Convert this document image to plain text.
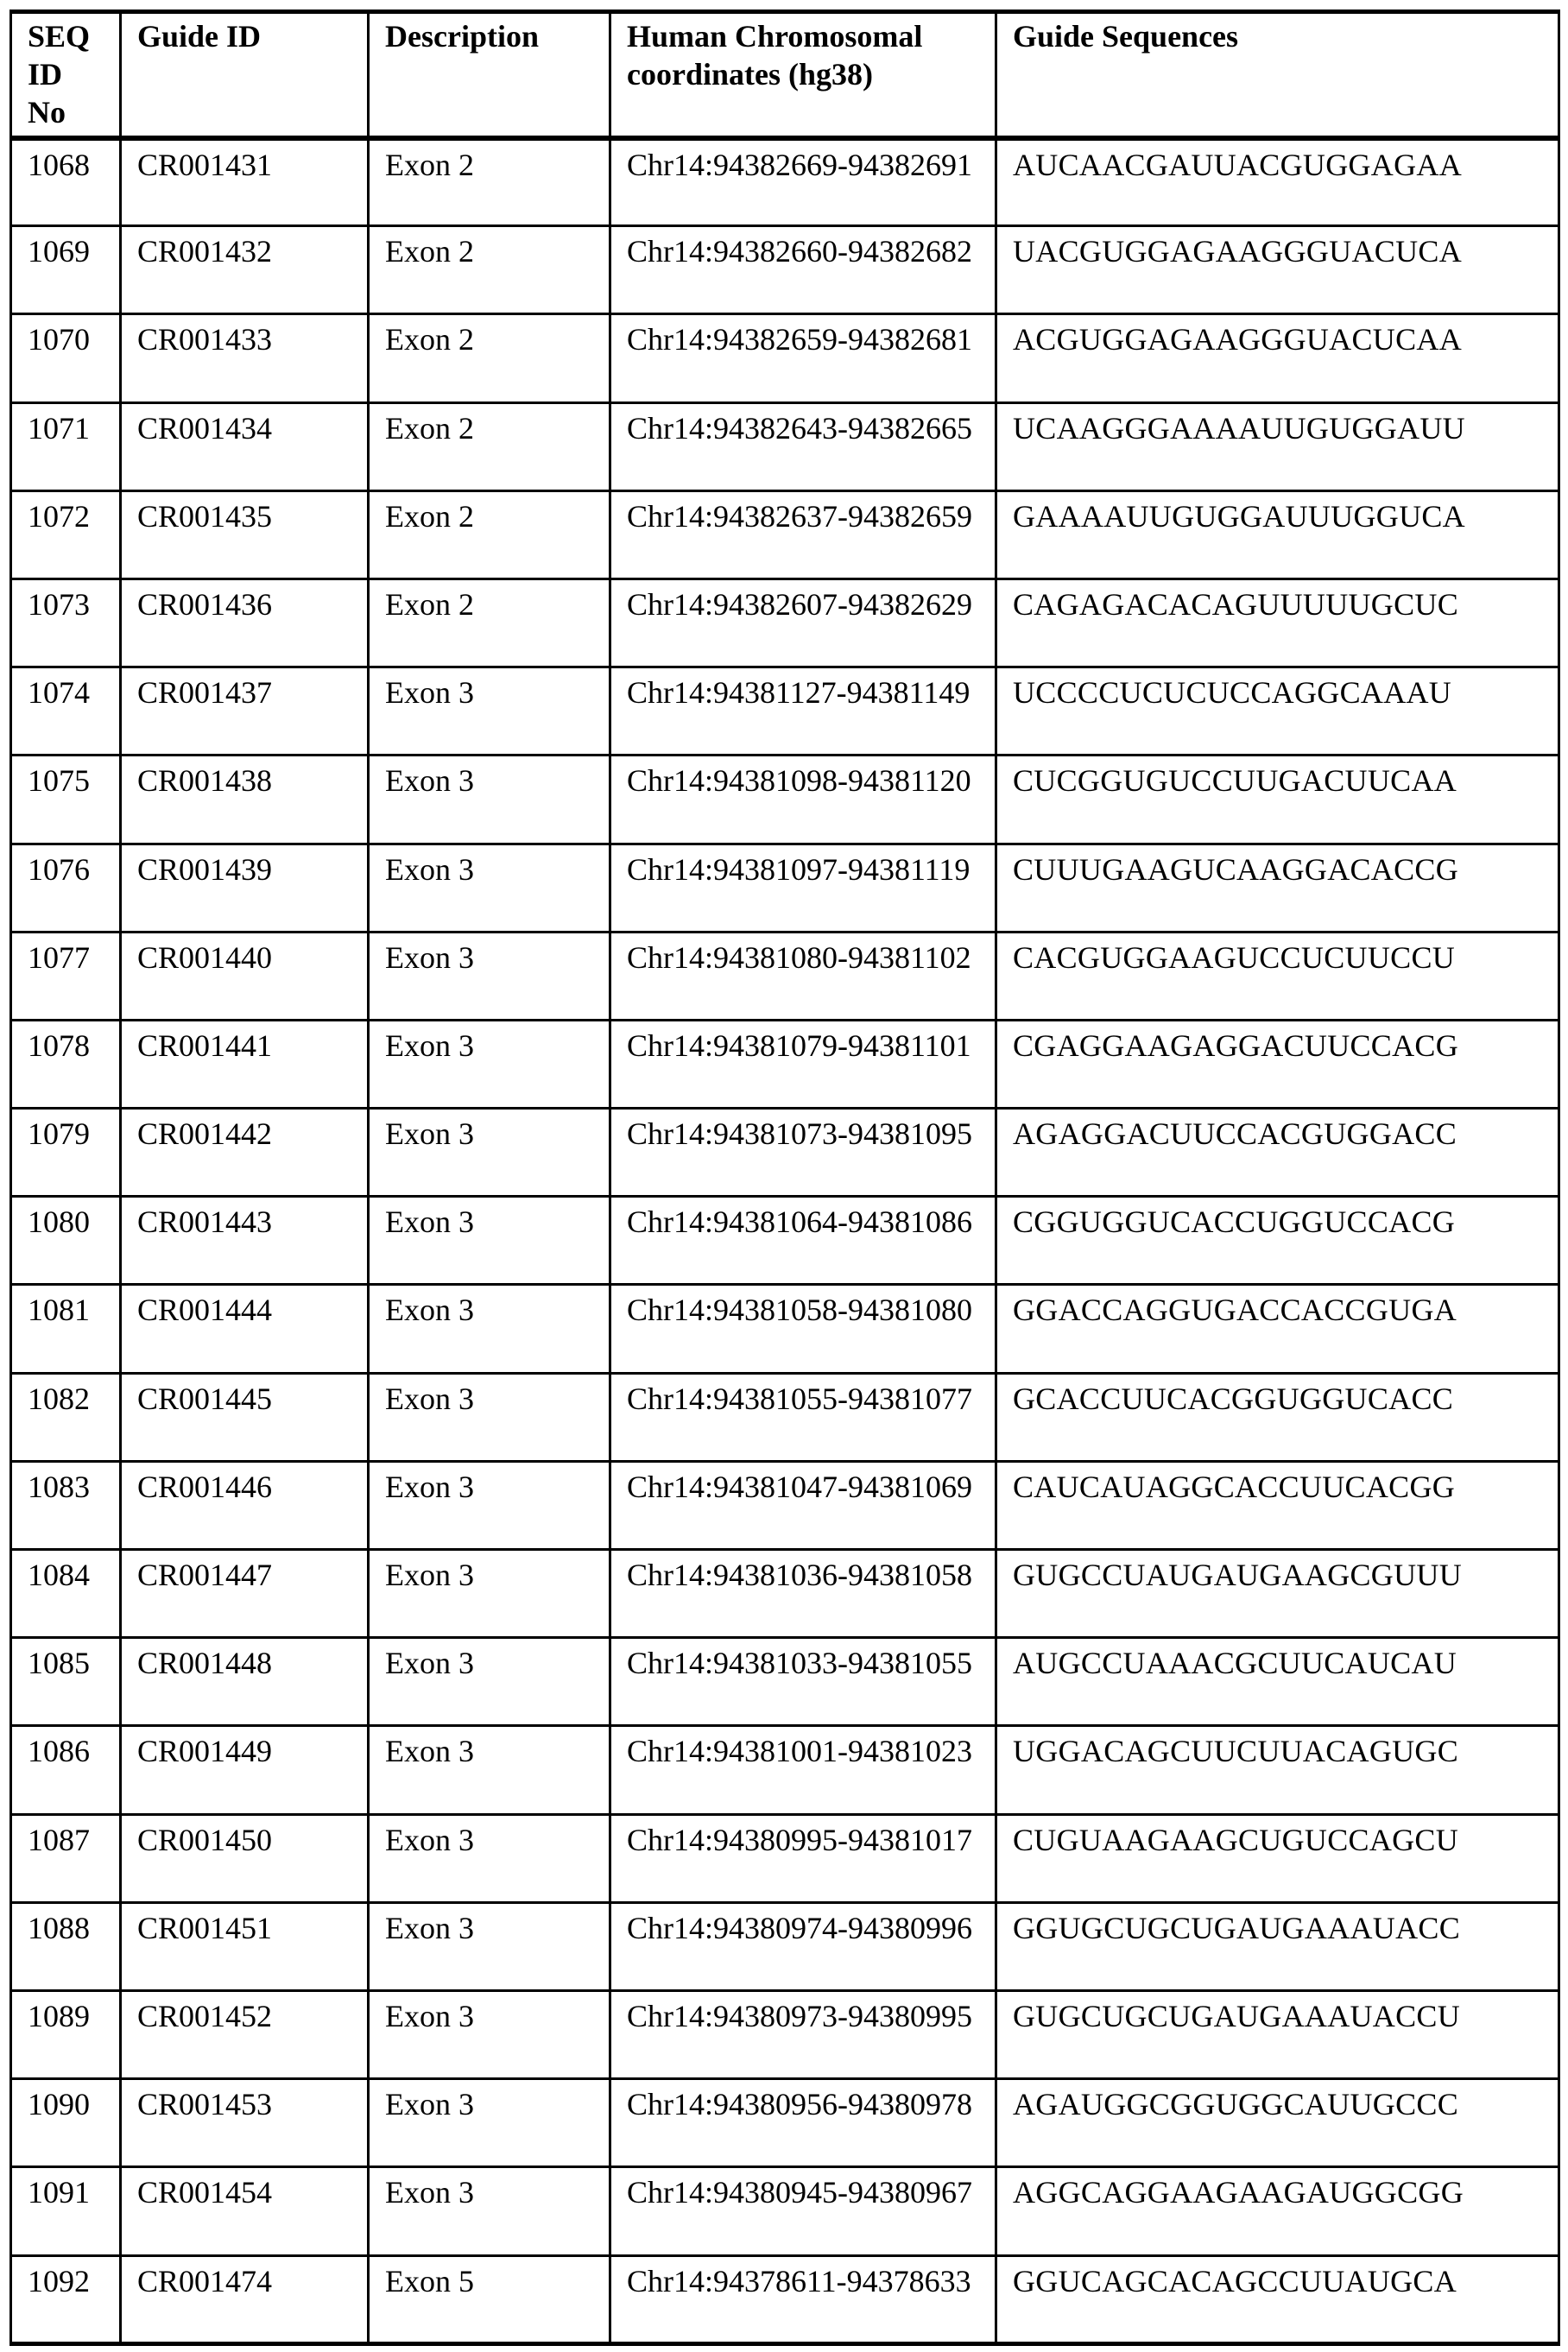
SEQ ID No	Guide ID	Description	Human Chromosomal coordinates (hg38)	Guide Sequences
1068	CR001431	Exon 2	Chr14:94382669-94382691	AUCAACGAUUACGUGGAGAA
1069	CR001432	Exon 2	Chr14:94382660-94382682	UACGUGGAGAAGGGUACUCA
1070	CR001433	Exon 2	Chr14:94382659-94382681	ACGUGGAGAAGGGUACUCAA
1071	CR001434	Exon 2	Chr14:94382643-94382665	UCAAGGGAAAAUUGUGGAUU
1072	CR001435	Exon 2	Chr14:94382637-94382659	GAAAAUUGUGGAUUUGGUCA
1073	CR001436	Exon 2	Chr14:94382607-94382629	CAGAGACACAGUUUUUGCUC
1074	CR001437	Exon 3	Chr14:94381127-94381149	UCCCCUCUCUCCAGGCAAAU
1075	CR001438	Exon 3	Chr14:94381098-94381120	CUCGGUGUCCUUGACUUCAA
1076	CR001439	Exon 3	Chr14:94381097-94381119	CUUUGAAGUCAAGGACACCG
1077	CR001440	Exon 3	Chr14:94381080-94381102	CACGUGGAAGUCCUCUUCCU
1078	CR001441	Exon 3	Chr14:94381079-94381101	CGAGGAAGAGGACUUCCACG
1079	CR001442	Exon 3	Chr14:94381073-94381095	AGAGGACUUCCACGUGGACC
1080	CR001443	Exon 3	Chr14:94381064-94381086	CGGUGGUCACCUGGUCCACG
1081	CR001444	Exon 3	Chr14:94381058-94381080	GGACCAGGUGACCACCGUGA
1082	CR001445	Exon 3	Chr14:94381055-94381077	GCACCUUCACGGUGGUCACC
1083	CR001446	Exon 3	Chr14:94381047-94381069	CAUCAUAGGCACCUUCACGG
1084	CR001447	Exon 3	Chr14:94381036-94381058	GUGCCUAUGAUGAAGCGUUU
1085	CR001448	Exon 3	Chr14:94381033-94381055	AUGCCUAAACGCUUCAUCAU
1086	CR001449	Exon 3	Chr14:94381001-94381023	UGGACAGCUUCUUACAGUGC
1087	CR001450	Exon 3	Chr14:94380995-94381017	CUGUAAGAAGCUGUCCAGCU
1088	CR001451	Exon 3	Chr14:94380974-94380996	GGUGCUGCUGAUGAAAUACC
1089	CR001452	Exon 3	Chr14:94380973-94380995	GUGCUGCUGAUGAAAUACCU
1090	CR001453	Exon 3	Chr14:94380956-94380978	AGAUGGCGGUGGCAUUGCCC
1091	CR001454	Exon 3	Chr14:94380945-94380967	AGGCAGGAAGAAGAUGGCGG
1092	CR001474	Exon 5	Chr14:94378611-94378633	GGUCAGCACAGCCUUAUGCA
